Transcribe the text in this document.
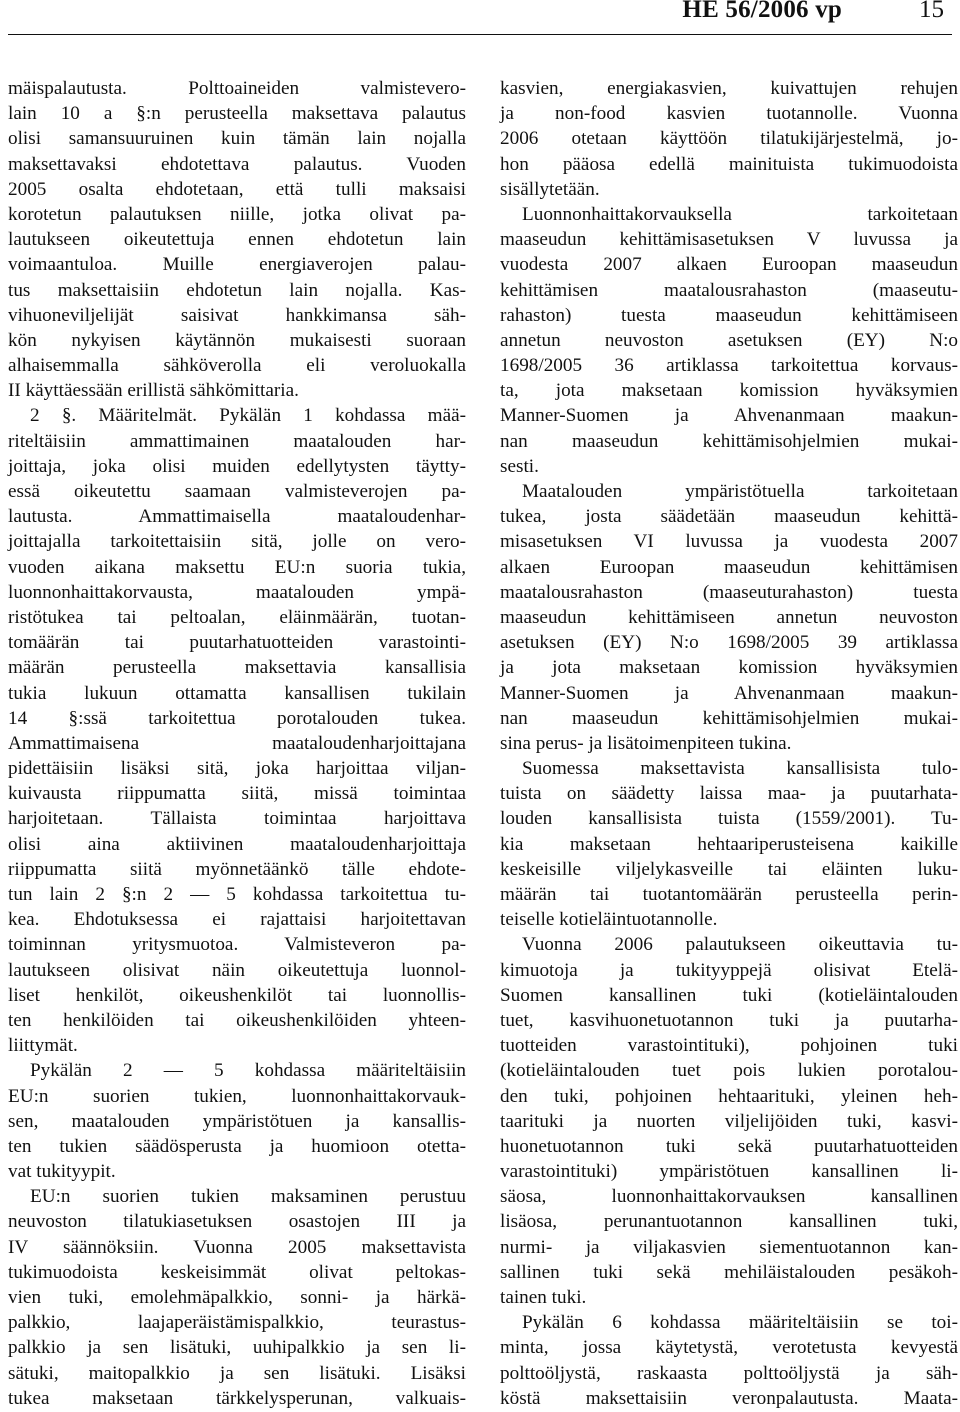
HE 56/2006 vp	15
mäispalautusta. Polttoaineiden valmistevero-
lain 10 a §:n perusteella maksettava palautus
olisi samansuuruinen kuin tämän lain nojalla
maksettavaksi ehdotettava palautus. Vuoden
2005 osalta ehdotetaan, että tulli maksaisi
korotetun palautuksen niille, jotka olivat pa-
lautukseen oikeutettuja ennen ehdotetun lain
voimaantuloa. Muille energiaverojen palau-
tus maksettaisiin ehdotetun lain nojalla. Kas-
vihuoneviljelijät saisivat hankkimansa säh-
kön nykyisen käytännön mukaisesti suoraan
alhaisemmalla sähköverolla eli veroluokalla
II käyttäessään erillistä sähkömittaria.
2 §. Määritelmät. Pykälän 1 kohdassa mää-
riteltäisiin ammattimainen maatalouden har-
joittaja, joka olisi muiden edellytysten täytty-
essä oikeutettu saamaan valmisteverojen pa-
lautusta. Ammattimaisella maataloudenhar-
joittajalla tarkoitettaisiin sitä, jolle on vero-
vuoden aikana maksettu EU:n suoria tukia,
luonnonhaittakorvausta, maatalouden ympä-
ristötukea tai peltoalan, eläinmäärän, tuotan-
tomäärän tai puutarhatuotteiden varastointi-
määrän perusteella maksettavia kansallisia
tukia lukuun ottamatta kansallisen tukilain
14 §:ssä tarkoitettua porotalouden tukea.
Ammattimaisena maataloudenharjoittajana
pidettäisiin lisäksi sitä, joka harjoittaa viljan-
kuivausta riippumatta siitä, missä toimintaa
harjoitetaan. Tällaista toimintaa harjoittava
olisi aina aktiivinen maataloudenharjoittaja
riippumatta siitä myönnetäänkö tälle ehdote-
tun lain 2 §:n 2 — 5 kohdassa tarkoitettua tu-
kea. Ehdotuksessa ei rajattaisi harjoitettavan
toiminnan yritysmuotoa. Valmisteveron pa-
lautukseen olisivat näin oikeutettuja luonnol-
liset henkilöt, oikeushenkilöt tai luonnollis-
ten henkilöiden tai oikeushenkilöiden yhteen-
liittymät.
Pykälän 2 — 5 kohdassa määriteltäisiin
EU:n suorien tukien, luonnonhaittakorvauk-
sen, maatalouden ympäristötuen ja kansallis-
ten tukien säädösperusta ja huomioon otetta-
vat tukityypit.
EU:n suorien tukien maksaminen perustuu
neuvoston tilatukiasetuksen osastojen III ja
IV säännöksiin. Vuonna 2005 maksettavista
tukimuodoista keskeisimmät olivat peltokas-
vien tuki, emolehmäpalkkio, sonni- ja härkä-
palkkio, laajaperäistämispalkkio, teurastus-
palkkio ja sen lisätuki, uuhipalkkio ja sen li-
sätuki, maitopalkkio ja sen lisätuki. Lisäksi
tukea maksetaan tärkkelysperunan, valkuais-
kasvien, energiakasvien, kuivattujen rehujen
ja non-food kasvien tuotannolle. Vuonna
2006 otetaan käyttöön tilatukijärjestelmä, jo-
hon pääosa edellä mainituista tukimuodoista
sisällytetään.
Luonnonhaittakorvauksella tarkoitetaan
maaseudun kehittämisasetuksen V luvussa ja
vuodesta 2007 alkaen Euroopan maaseudun
kehittämisen maatalousrahaston (maaseutu-
rahaston) tuesta maaseudun kehittämiseen
annetun neuvoston asetuksen (EY) N:o
1698/2005 36 artiklassa tarkoitettua korvaus-
ta, jota maksetaan komission hyväksymien
Manner-Suomen ja Ahvenanmaan maakun-
nan maaseudun kehittämisohjelmien mukai-
sesti.
Maatalouden ympäristötuella tarkoitetaan
tukea, josta säädetään maaseudun kehittä-
misasetuksen VI luvussa ja vuodesta 2007
alkaen Euroopan maaseudun kehittämisen
maatalousrahaston (maaseuturahaston) tuesta
maaseudun kehittämiseen annetun neuvoston
asetuksen (EY) N:o 1698/2005 39 artiklassa
ja jota maksetaan komission hyväksymien
Manner-Suomen ja Ahvenanmaan maakun-
nan maaseudun kehittämisohjelmien mukai-
sina perus- ja lisätoimenpiteen tukina.
Suomessa maksettavista kansallisista tulo-
tuista on säädetty laissa maa- ja puutarhata-
louden kansallisista tuista (1559/2001). Tu-
kia maksetaan hehtaariperusteisena kaikille
keskeisille viljelykasveille tai eläinten luku-
määrän tai tuotantomäärän perusteella perin-
teiselle kotieläintuotannolle.
Vuonna 2006 palautukseen oikeuttavia tu-
kimuotoja ja tukityyppejä olisivat Etelä-
Suomen kansallinen tuki (kotieläintalouden
tuet, kasvihuonetuotannon tuki ja puutarha-
tuotteiden varastointituki), pohjoinen tuki
(kotieläintalouden tuet pois lukien porotalou-
den tuki, pohjoinen hehtaarituki, yleinen heh-
taarituki ja nuorten viljelijöiden tuki, kasvi-
huonetuotannon tuki sekä puutarhatuotteiden
varastointituki) ympäristötuen kansallinen li-
säosa, luonnonhaittakorvauksen kansallinen
lisäosa, perunantuotannon kansallinen tuki,
nurmi- ja viljakasvien siementuotannon kan-
sallinen tuki sekä mehiläistalouden pesäkoh-
tainen tuki.
Pykälän 6 kohdassa määriteltäisiin se toi-
minta, jossa käytetystä, verotetusta kevyestä
polttoöljystä, raskaasta polttoöljystä ja säh-
köstä maksettaisiin veronpalautusta. Maata-
